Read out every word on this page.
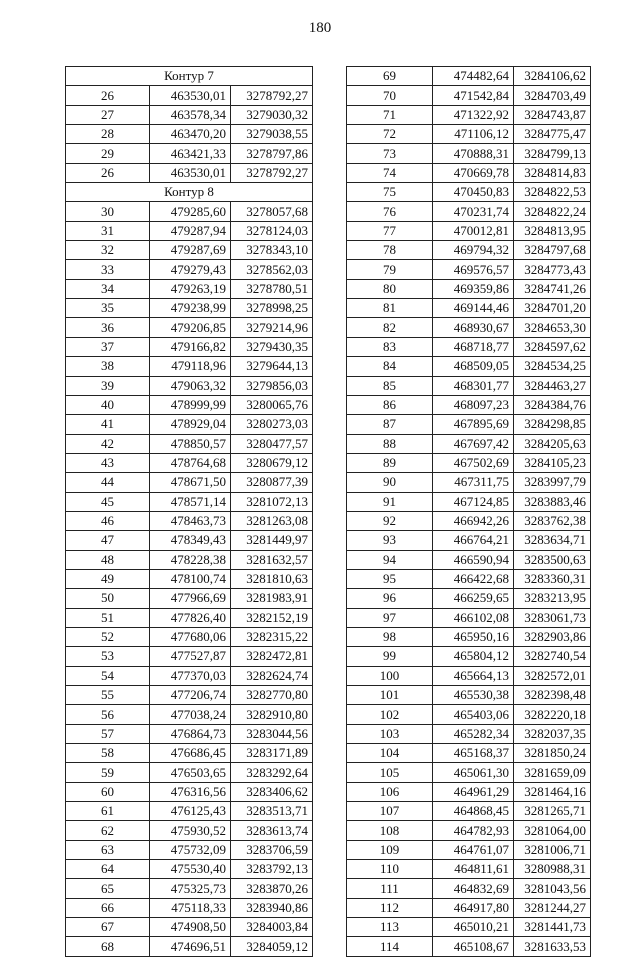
180
Контур 7		
26	463530,01	3278792,27
27	463578,34	3279030,32
28	463470,20	3279038,55
29	463421,33	3278797,86
26	463530,01	3278792,27
Контур 8		
30	479285,60	3278057,68
31	479287,94	3278124,03
32	479287,69	3278343,10
33	479279,43	3278562,03
34	479263,19	3278780,51
35	479238,99	3278998,25
36	479206,85	3279214,96
37	479166,82	3279430,35
38	479118,96	3279644,13
39	479063,32	3279856,03
40	478999,99	3280065,76
41	478929,04	3280273,03
42	478850,57	3280477,57
43	478764,68	3280679,12
44	478671,50	3280877,39
45	478571,14	3281072,13
46	478463,73	3281263,08
47	478349,43	3281449,97
48	478228,38	3281632,57
49	478100,74	3281810,63
50	477966,69	3281983,91
51	477826,40	3282152,19
52	477680,06	3282315,22
53	477527,87	3282472,81
54	477370,03	3282624,74
55	477206,74	3282770,80
56	477038,24	3282910,80
57	476864,73	3283044,56
58	476686,45	3283171,89
59	476503,65	3283292,64
60	476316,56	3283406,62
61	476125,43	3283513,71
62	475930,52	3283613,74
63	475732,09	3283706,59
64	475530,40	3283792,13
65	475325,73	3283870,26
66	475118,33	3283940,86
67	474908,50	3284003,84
68	474696,51	3284059,12
69	474482,64	3284106,62
70	471542,84	3284703,49
71	471322,92	3284743,87
72	471106,12	3284775,47
73	470888,31	3284799,13
74	470669,78	3284814,83
75	470450,83	3284822,53
76	470231,74	3284822,24
77	470012,81	3284813,95
78	469794,32	3284797,68
79	469576,57	3284773,43
80	469359,86	3284741,26
81	469144,46	3284701,20
82	468930,67	3284653,30
83	468718,77	3284597,62
84	468509,05	3284534,25
85	468301,77	3284463,27
86	468097,23	3284384,76
87	467895,69	3284298,85
88	467697,42	3284205,63
89	467502,69	3284105,23
90	467311,75	3283997,79
91	467124,85	3283883,46
92	466942,26	3283762,38
93	466764,21	3283634,71
94	466590,94	3283500,63
95	466422,68	3283360,31
96	466259,65	3283213,95
97	466102,08	3283061,73
98	465950,16	3282903,86
99	465804,12	3282740,54
100	465664,13	3282572,01
101	465530,38	3282398,48
102	465403,06	3282220,18
103	465282,34	3282037,35
104	465168,37	3281850,24
105	465061,30	3281659,09
106	464961,29	3281464,16
107	464868,45	3281265,71
108	464782,93	3281064,00
109	464761,07	3281006,71
110	464811,61	3280988,31
111	464832,69	3281043,56
112	464917,80	3281244,27
113	465010,21	3281441,73
114	465108,67	3281633,53
